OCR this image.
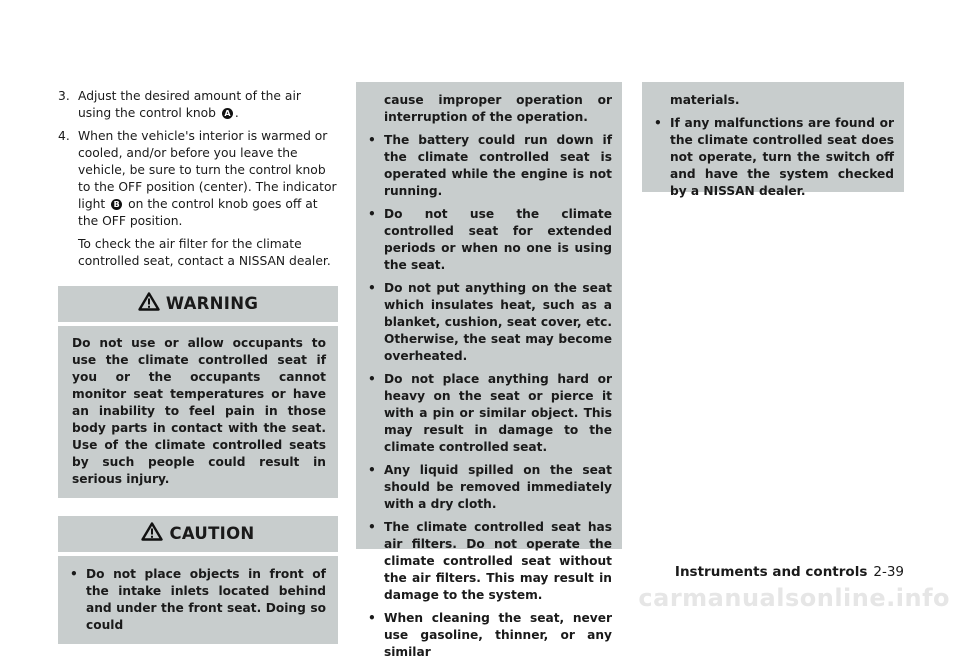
3. Adjust the desired amount of the air using the control knob A .

4. When the vehicle's interior is warmed or cooled, and/or before you leave the vehicle, be sure to turn the control knob to the OFF position (center). The indicator light B on the control knob goes off at the OFF position.

To check the air filter for the climate controlled seat, contact a NISSAN dealer.

WARNING

Do not use or allow occupants to use the climate controlled seat if you or the occupants cannot monitor seat temperatures or have an inability to feel pain in those body parts in contact with the seat. Use of the climate controlled seats by such people could result in serious injury.

CAUTION
• Do not place objects in front of the intake inlets located behind and under the front seat. Doing so could

cause improper operation or interruption of the operation.

• The battery could run down if the climate controlled seat is operated while the engine is not running.
• Do not use the climate controlled seat for extended periods or when no one is using the seat.
• Do not put anything on the seat which insulates heat, such as a blanket, cushion, seat cover, etc. Otherwise, the seat may become overheated.
• Do not place anything hard or heavy on the seat or pierce it with a pin or similar object. This may result in damage to the climate controlled seat.
• Any liquid spilled on the seat should be removed immediately with a dry cloth.
• The climate controlled seat has air filters. Do not operate the climate controlled seat without the air filters. This may result in damage to the system.
• When cleaning the seat, never use gasoline, thinner, or any similar

materials.

• If any malfunctions are found or the climate controlled seat does not operate, turn the switch off and have the system checked by a NISSAN dealer.
Instruments and controls 2-39
carmanualsonline.info
